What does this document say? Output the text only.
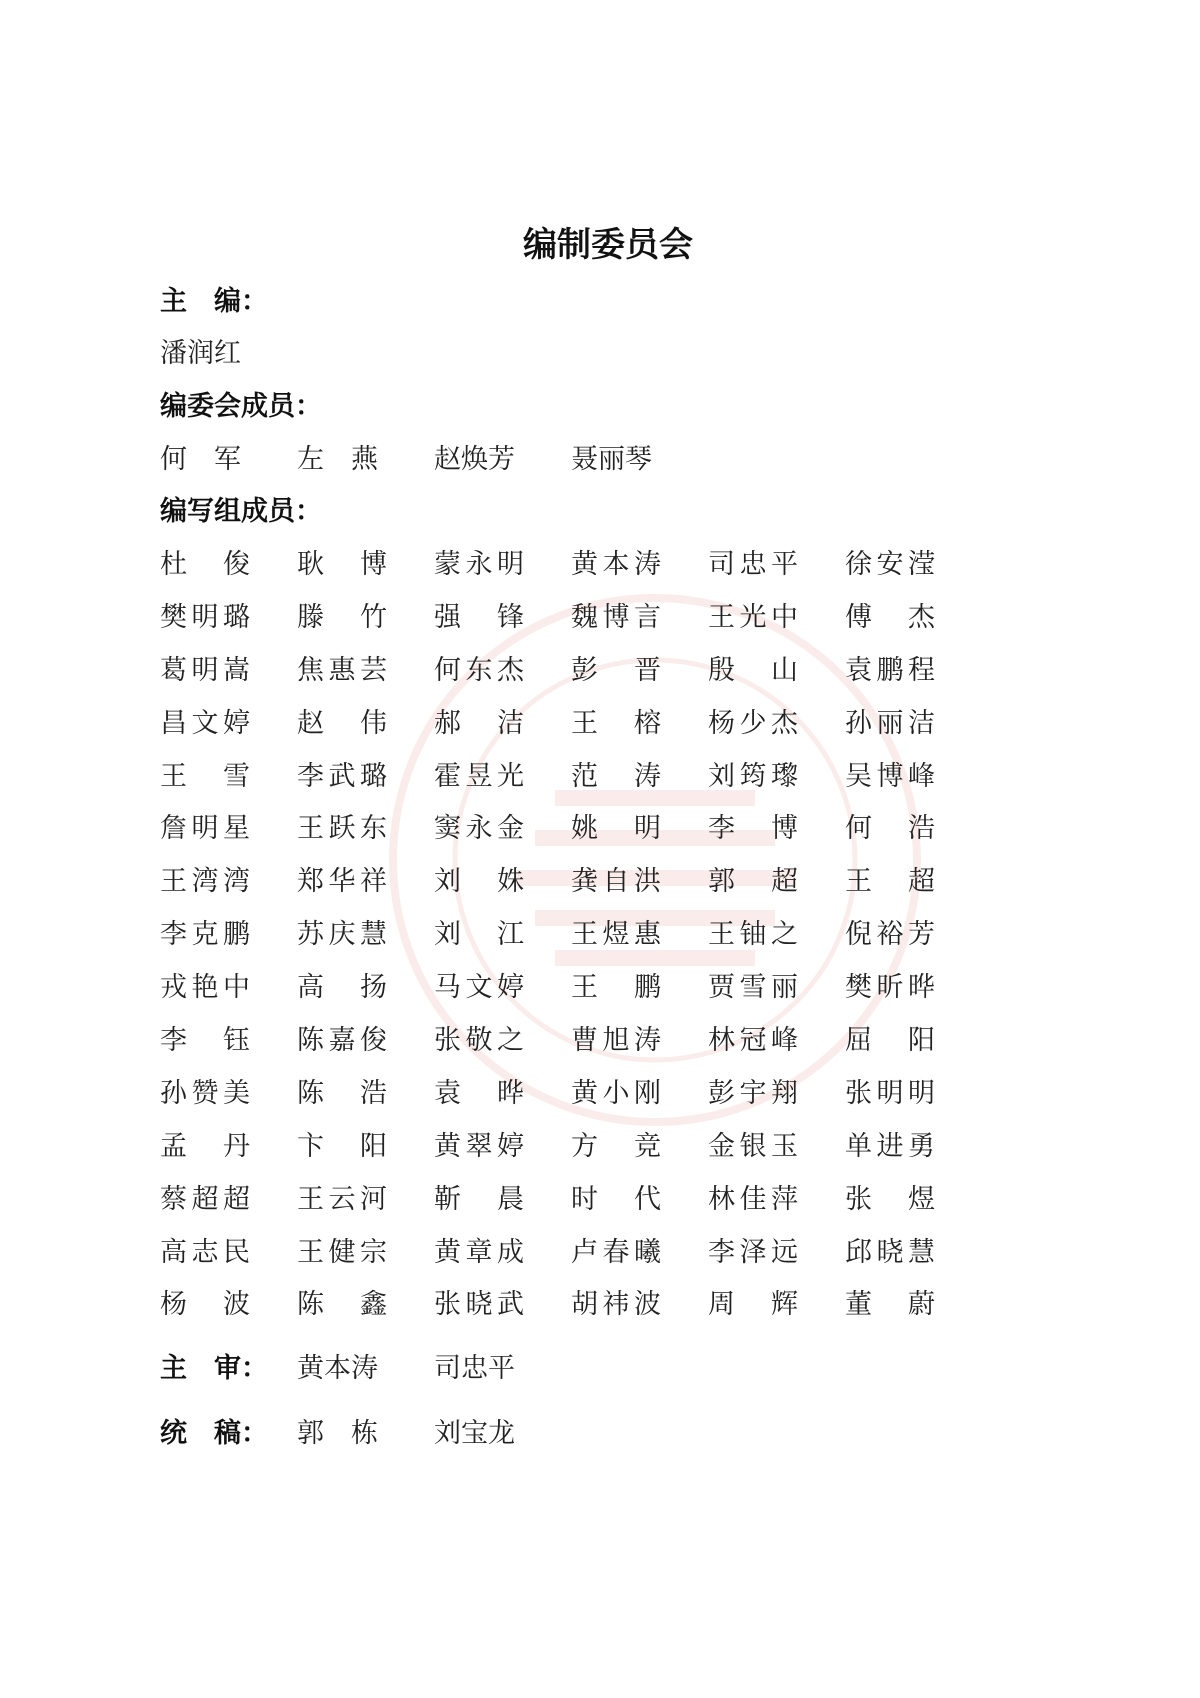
编制委员会
主　编：
潘润红
编委会成员：
何　军 左　燕 赵焕芳 聂丽琴
编写组成员：
杜　俊 耿　博 蒙永明 黄本涛 司忠平 徐安滢
樊明璐 滕　竹 强　锋 魏博言 王光中 傅　杰
葛明嵩 焦惠芸 何东杰 彭　晋 殷　山 袁鹏程
昌文婷 赵　伟 郝　洁 王　榕 杨少杰 孙丽洁
王　雪 李武璐 霍昱光 范　涛 刘筠瓈 吴博峰
詹明星 王跃东 窦永金 姚　明 李　博 何　浩
王湾湾 郑华祥 刘　姝 龚自洪 郭　超 王　超
李克鹏 苏庆慧 刘　江 王煜惠 王铀之 倪裕芳
戎艳中 高　扬 马文婷 王　鹏 贾雪丽 樊昕晔
李　钰 陈嘉俊 张敬之 曹旭涛 林冠峰 屈　阳
孙赞美 陈　浩 袁　晔 黄小刚 彭宇翔 张明明
孟　丹 卞　阳 黄翠婷 方　竞 金银玉 单进勇
蔡超超 王云河 靳　晨 时　代 林佳萍 张　煜
高志民 王健宗 黄章成 卢春曦 李泽远 邱晓慧
杨　波 陈　鑫 张晓武 胡祎波 周　辉 董　蔚
主　审： 黄本涛 司忠平
统　稿： 郭　栋 刘宝龙
